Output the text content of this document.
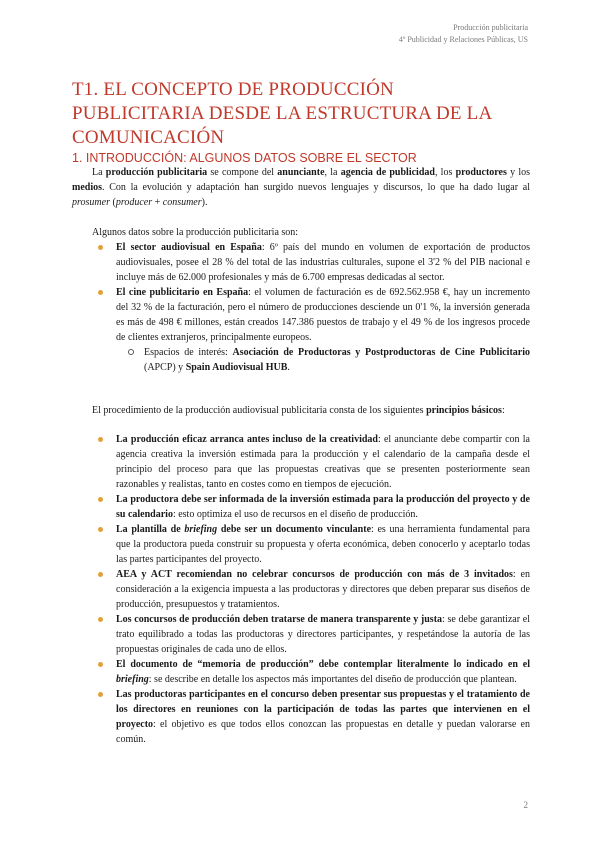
Producción publicitaria
4º Publicidad y Relaciones Públicas, US
T1. EL CONCEPTO DE PRODUCCIÓN PUBLICITARIA DESDE LA ESTRUCTURA DE LA COMUNICACIÓN
1. INTRODUCCIÓN: ALGUNOS DATOS SOBRE EL SECTOR

La producción publicitaria se compone del anunciante, la agencia de publicidad, los productores y los medios. Con la evolución y adaptación han surgido nuevos lenguajes y discursos, lo que ha dado lugar al prosumer (producer + consumer).

Algunos datos sobre la producción publicitaria son:

El sector audiovisual en España: 6º país del mundo en volumen de exportación de productos audiovisuales, posee el 28 % del total de las industrias culturales, supone el 3'2 % del PIB nacional e incluye más de 62.000 profesionales y más de 6.700 empresas dedicadas al sector.
El cine publicitario en España: el volumen de facturación es de 692.562.958 €, hay un incremento del 32 % de la facturación, pero el número de producciones desciende un 0'1 %, la inversión generada es más de 498 € millones, están creados 147.386 puestos de trabajo y el 49 % de los ingresos procede de clientes extranjeros, principalmente europeos.
Espacios de interés: Asociación de Productoras y Postproductoras de Cine Publicitario (APCP) y Spain Audiovisual HUB.

El procedimiento de la producción audiovisual publicitaria consta de los siguientes principios básicos:

La producción eficaz arranca antes incluso de la creatividad: el anunciante debe compartir con la agencia creativa la inversión estimada para la producción y el calendario de la campaña desde el principio del proceso para que las propuestas creativas que se presenten posteriormente sean razonables y realistas, tanto en costes como en tiempos de ejecución.
La productora debe ser informada de la inversión estimada para la producción del proyecto y de su calendario: esto optimiza el uso de recursos en el diseño de producción.
La plantilla de briefing debe ser un documento vinculante: es una herramienta fundamental para que la productora pueda construir su propuesta y oferta económica, deben conocerlo y aceptarlo todas las partes participantes del proyecto.
AEA y ACT recomiendan no celebrar concursos de producción con más de 3 invitados: en consideración a la exigencia impuesta a las productoras y directores que deben preparar sus diseños de producción, presupuestos y tratamientos.
Los concursos de producción deben tratarse de manera transparente y justa: se debe garantizar el trato equilibrado a todas las productoras y directores participantes, y respetándose la autoría de las propuestas originales de cada uno de ellos.
El documento de “memoria de producción” debe contemplar literalmente lo indicado en el briefing: se describe en detalle los aspectos más importantes del diseño de producción que plantean.
Las productoras participantes en el concurso deben presentar sus propuestas y el tratamiento de los directores en reuniones con la participación de todas las partes que intervienen en el proyecto: el objetivo es que todos ellos conozcan las propuestas en detalle y puedan valorarse en común.
2
